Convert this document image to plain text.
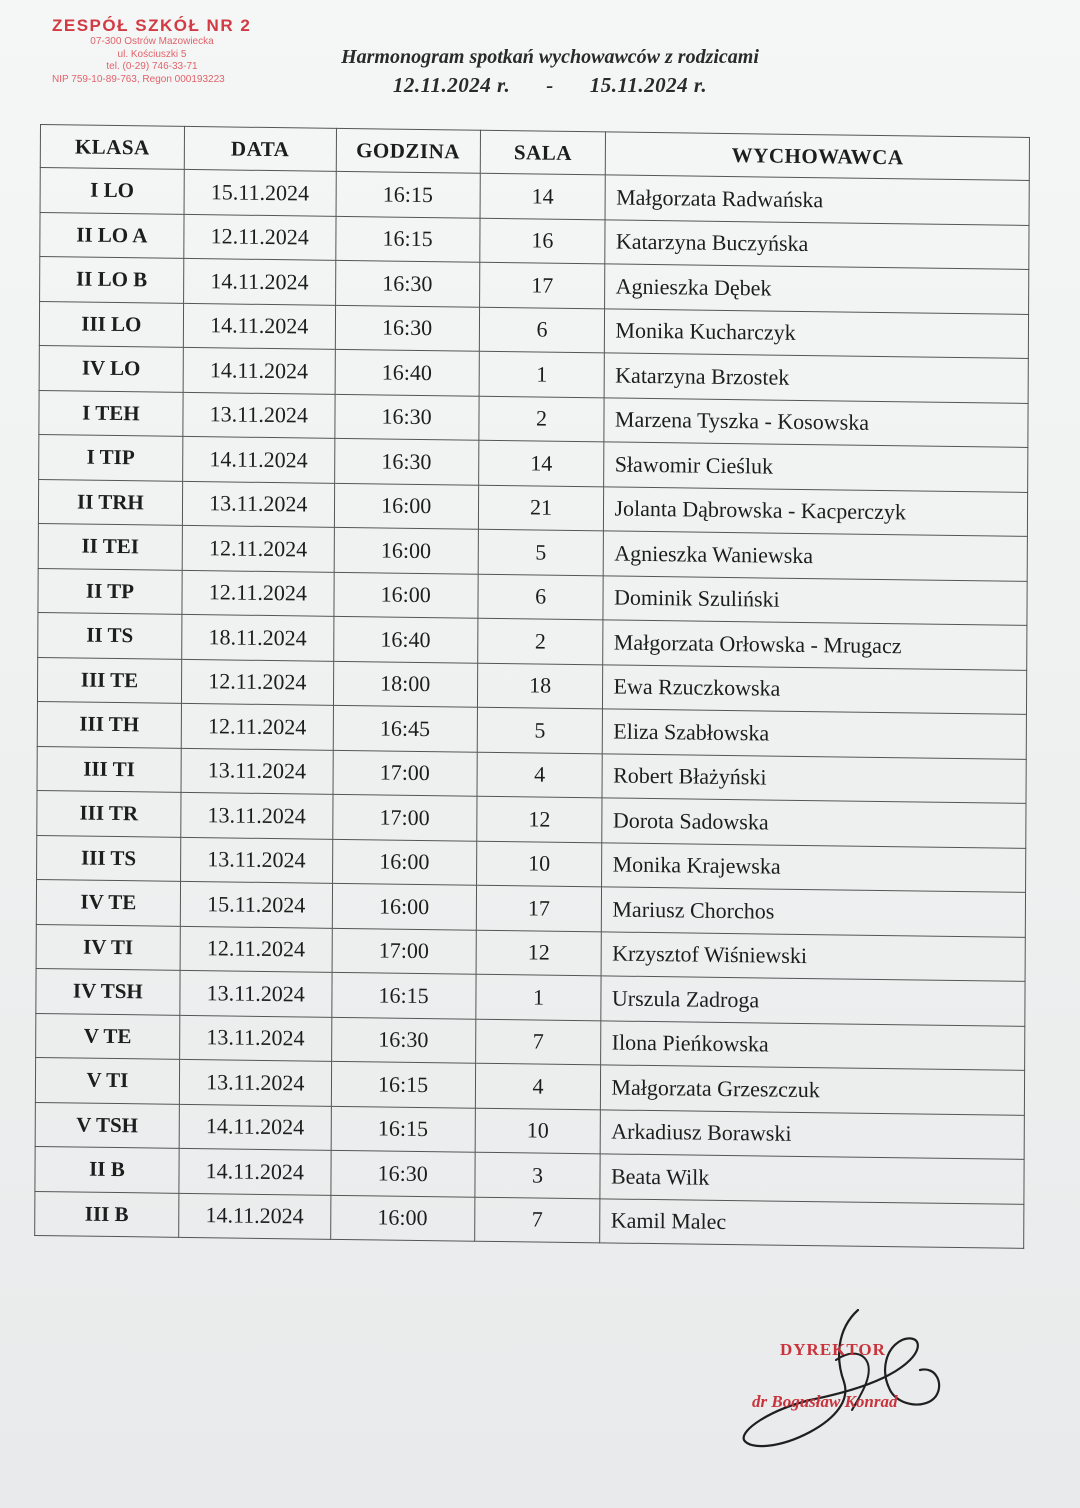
ZESPÓŁ SZKÓŁ NR 2
07-300 Ostrów Mazowiecka
ul. Kościuszki 5
tel. (0-29) 746-33-71
NIP 759-10-89-763, Regon 000193223
Harmonogram spotkań wychowawców z rodzicami
12.11.2024 r. - 15.11.2024 r.
KLASA	DATA	GODZINA	SALA	WYCHOWAWCA
I LO	15.11.2024	16:15	14	Małgorzata Radwańska
II LO A	12.11.2024	16:15	16	Katarzyna Buczyńska
II LO B	14.11.2024	16:30	17	Agnieszka Dębek
III LO	14.11.2024	16:30	6	Monika Kucharczyk
IV LO	14.11.2024	16:40	1	Katarzyna Brzostek
I TEH	13.11.2024	16:30	2	Marzena Tyszka - Kosowska
I TIP	14.11.2024	16:30	14	Sławomir Cieśluk
II TRH	13.11.2024	16:00	21	Jolanta Dąbrowska - Kacperczyk
II TEI	12.11.2024	16:00	5	Agnieszka Waniewska
II TP	12.11.2024	16:00	6	Dominik Szuliński
II TS	18.11.2024	16:40	2	Małgorzata Orłowska - Mrugacz
III TE	12.11.2024	18:00	18	Ewa Rzuczkowska
III TH	12.11.2024	16:45	5	Eliza Szabłowska
III TI	13.11.2024	17:00	4	Robert Błażyński
III TR	13.11.2024	17:00	12	Dorota Sadowska
III TS	13.11.2024	16:00	10	Monika Krajewska
IV TE	15.11.2024	16:00	17	Mariusz Chorchos
IV TI	12.11.2024	17:00	12	Krzysztof Wiśniewski
IV TSH	13.11.2024	16:15	1	Urszula Zadroga
V TE	13.11.2024	16:30	7	Ilona Pieńkowska
V TI	13.11.2024	16:15	4	Małgorzata Grzeszczuk
V TSH	14.11.2024	16:15	10	Arkadiusz Borawski
II B	14.11.2024	16:30	3	Beata Wilk
III B	14.11.2024	16:00	7	Kamil Malec
DYREKTOR
dr Bogusław Konrad
